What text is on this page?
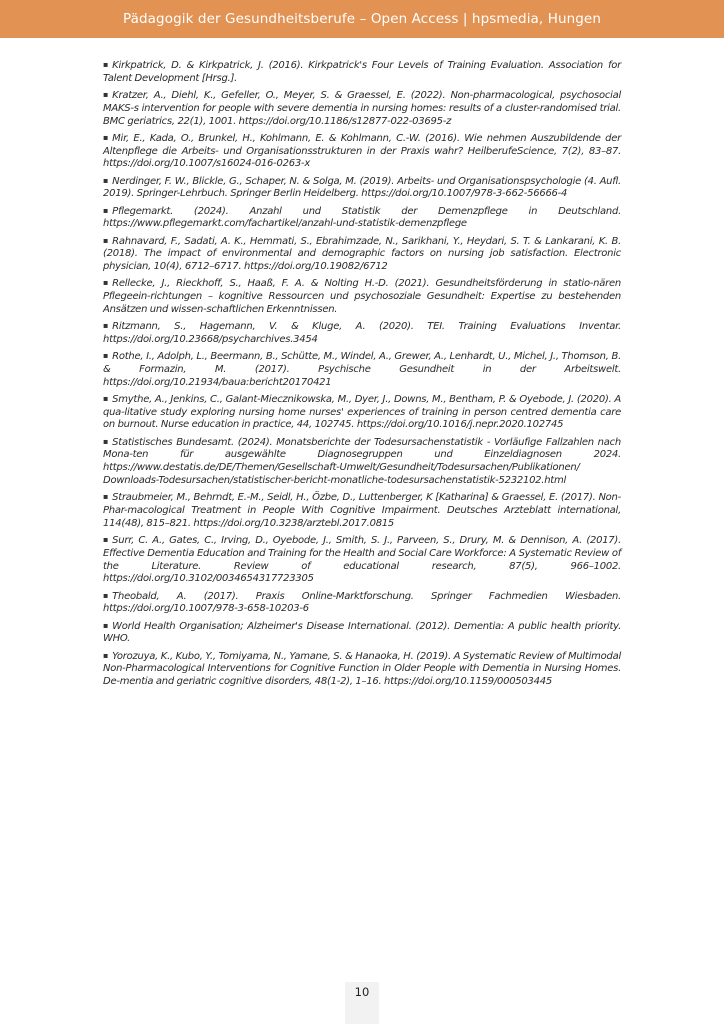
Pädagogik der Gesundheitsberufe – Open Access | hpsmedia, Hungen
▪ Kirkpatrick, D. & Kirkpatrick, J. (2016). Kirkpatrick's Four Levels of Training Evaluation. Association for Talent Development [Hrsg.].
▪ Kratzer, A., Diehl, K., Gefeller, O., Meyer, S. & Graessel, E. (2022). Non-pharmacological, psychosocial MAKS-s intervention for people with severe dementia in nursing homes: results of a cluster-randomised trial. BMC geriatrics, 22(1), 1001. https://doi.org/10.1186/s12877-022-03695-z
▪ Mir, E., Kada, O., Brunkel, H., Kohlmann, E. & Kohlmann, C.-W. (2016). Wie nehmen Auszubildende der Altenpflege die Arbeits- und Organisationsstrukturen in der Praxis wahr? HeilberufeScience, 7(2), 83–87. https://doi.org/10.1007/s16024-016-0263-x
▪ Nerdinger, F. W., Blickle, G., Schaper, N. & Solga, M. (2019). Arbeits- und Organisationspsychologie (4. Aufl. 2019). Springer-Lehrbuch. Springer Berlin Heidelberg. https://doi.org/10.1007/978-3-662-56666-4
▪ Pflegemarkt. (2024). Anzahl und Statistik der Demenzpflege in Deutschland. https://www.pflegemarkt.com/fachartikel/anzahl-und-statistik-demenzpflege
▪ Rahnavard, F., Sadati, A. K., Hemmati, S., Ebrahimzade, N., Sarikhani, Y., Heydari, S. T. & Lankarani, K. B. (2018). The impact of environmental and demographic factors on nursing job satisfaction. Electronic physician, 10(4), 6712–6717. https://doi.org/10.19082/6712
▪ Rellecke, J., Rieckhoff, S., Haaß, F. A. & Nolting H.-D. (2021). Gesundheitsförderung in statio-nären Pflegeein-richtungen – kognitive Ressourcen und psychosoziale Gesundheit: Expertise zu bestehenden Ansätzen und wissen-schaftlichen Erkenntnissen.
▪ Ritzmann, S., Hagemann, V. & Kluge, A. (2020). TEI. Training Evaluations Inventar. https://doi.org/10.23668/psycharchives.3454
▪ Rothe, I., Adolph, L., Beermann, B., Schütte, M., Windel, A., Grewer, A., Lenhardt, U., Michel, J., Thomson, B. & Formazin, M. (2017). Psychische Gesundheit in der Arbeitswelt. https://doi.org/10.21934/baua:bericht20170421
▪ Smythe, A., Jenkins, C., Galant-Miecznikowska, M., Dyer, J., Downs, M., Bentham, P. & Oyebode, J. (2020). A qua-litative study exploring nursing home nurses' experiences of training in person centred dementia care on burnout. Nurse education in practice, 44, 102745. https://doi.org/10.1016/j.nepr.2020.102745
▪ Statistisches Bundesamt. (2024). Monatsberichte der Todesursachenstatistik - Vorläufige Fallzahlen nach Mona-ten für ausgewählte Diagnosegruppen und Einzeldiagnosen 2024. https://www.destatis.de/DE/Themen/Gesellschaft-Umwelt/Gesundheit/Todesursachen/Publikationen/ Downloads-Todesursachen/statistischer-bericht-monatliche-todesursachenstatistik-5232102.html
▪ Straubmeier, M., Behrndt, E.-M., Seidl, H., Özbe, D., Luttenberger, K [Katharina] & Graessel, E. (2017). Non-Phar-macological Treatment in People With Cognitive Impairment. Deutsches Arzteblatt international, 114(48), 815–821. https://doi.org/10.3238/arztebl.2017.0815
▪ Surr, C. A., Gates, C., Irving, D., Oyebode, J., Smith, S. J., Parveen, S., Drury, M. & Dennison, A. (2017). Effective Dementia Education and Training for the Health and Social Care Workforce: A Systematic Review of the Literature. Review of educational research, 87(5), 966–1002. https://doi.org/10.3102/0034654317723305
▪ Theobald, A. (2017). Praxis Online-Marktforschung. Springer Fachmedien Wiesbaden. https://doi.org/10.1007/978-3-658-10203-6
▪ World Health Organisation; Alzheimer's Disease International. (2012). Dementia: A public health priority. WHO.
▪ Yorozuya, K., Kubo, Y., Tomiyama, N., Yamane, S. & Hanaoka, H. (2019). A Systematic Review of Multimodal Non-Pharmacological Interventions for Cognitive Function in Older People with Dementia in Nursing Homes. De-mentia and geriatric cognitive disorders, 48(1-2), 1–16. https://doi.org/10.1159/000503445
10
